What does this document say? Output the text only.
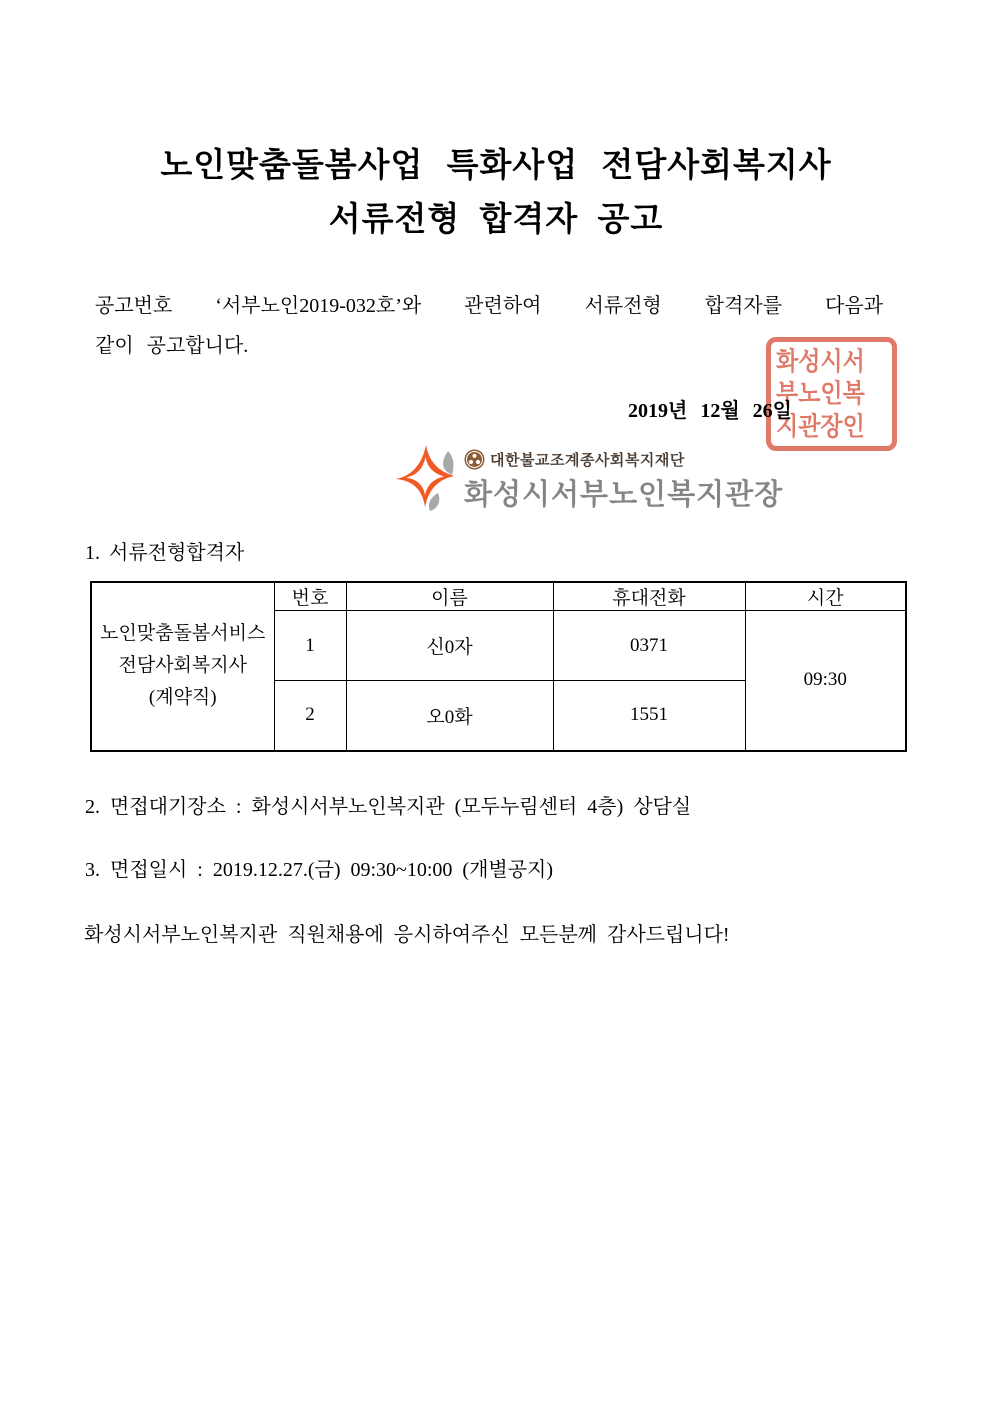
노인맞춤돌봄사업 특화사업 전담사회복지사
서류전형 합격자 공고
공고번호 ‘서부노인2019-032호’와 관련하여 서류전형 합격자를 다음과
같이 공고합니다.
2019년 12월 26일
화성시서
부노인복
지관장인
대한불교조계종사회복지재단
화성시서부노인복지관장
1. 서류전형합격자
노인맞춤돌봄서비스
전담사회복지사
(계약직)	번호	이름	휴대전화	시간
	1	신0자	0371	09:30
	2	오0화	1551	
2. 면접대기장소 : 화성시서부노인복지관 (모두누림센터 4층) 상담실
3. 면접일시 : 2019.12.27.(금) 09:30~10:00 (개별공지)
화성시서부노인복지관 직원채용에 응시하여주신 모든분께 감사드립니다!
